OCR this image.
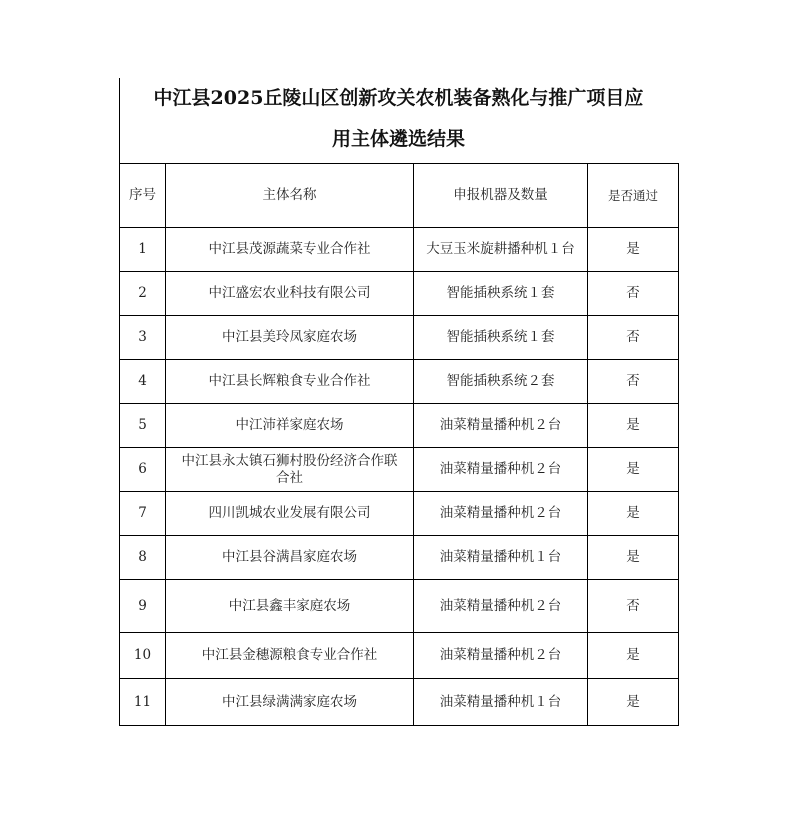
中江县2025丘陵山区创新攻关农机装备熟化与推广项目应
用主体遴选结果
序号	主体名称	申报机器及数量	是否通过
1	中江县茂源蔬菜专业合作社	大豆玉米旋耕播种机１台	是
2	中江盛宏农业科技有限公司	智能插秧系统１套	否
3	中江县美玲凤家庭农场	智能插秧系统１套	否
4	中江县长辉粮食专业合作社	智能插秧系统２套	否
5	中江沛祥家庭农场	油菜精量播种机２台	是
6	中江县永太镇石狮村股份经济合作联合社	油菜精量播种机２台	是
7	四川凯城农业发展有限公司	油菜精量播种机２台	是
8	中江县谷满昌家庭农场	油菜精量播种机１台	是
9	中江县鑫丰家庭农场	油菜精量播种机２台	否
10	中江县金穗源粮食专业合作社	油菜精量播种机２台	是
11	中江县绿满满家庭农场	油菜精量播种机１台	是
